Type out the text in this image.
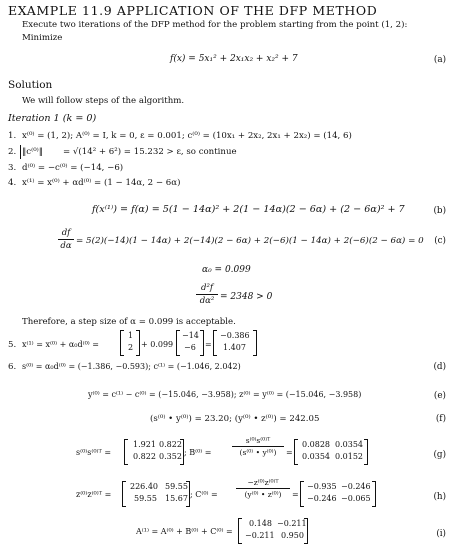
EXAMPLE 11.9 APPLICATION OF THE DFP METHOD
Execute two iterations of the DFP method for the problem starting from the point (1, 2):
Minimize
f(x) = 5x₁² + 2x₁x₂ + x₂² + 7	(a)
Solution
We will follow steps of the algorithm.
Iteration 1 (k = 0)
1. x⁽⁰⁾ = (1, 2); A⁽⁰⁾ = I, k = 0, ε = 0.001; c⁽⁰⁾ = (10x₁ + 2x₂, 2x₁ + 2x₂) = (14, 6)
2. ‖c⁽⁰⁾‖ = √(14² + 6²) = 15.232 > ε, so continue
3. d⁽⁰⁾ = −c⁽⁰⁾ = (−14, −6)
4. x⁽¹⁾ = x⁽⁰⁾ + αd⁽⁰⁾ = (1 − 14α, 2 − 6α)
f(x⁽¹⁾) = f(α) = 5(1 − 14α)² + 2(1 − 14α)(2 − 6α) + (2 − 6α)² + 7	(b)
df
dα = 5(2)(−14)(1 − 14α) + 2(−14)(2 − 6α) + 2(−6)(1 − 14α) + 2(−6)(2 − 6α) = 0 (c)
α₀ = 0.099
d²f
dα² = 2348 > 0
Therefore, a step size of α = 0.099 is acceptable.
5. x⁽¹⁾ = x⁽⁰⁾ + α₀d⁽⁰⁾ =
1
2 + 0.099
−14
−6 =
−0.386
1.407
6. s⁽⁰⁾ = α₀d⁽⁰⁾ = (−1.386, −0.593); c⁽¹⁾ = (−1.046, 2.042)	(d)
y⁽⁰⁾ = c⁽¹⁾ − c⁽⁰⁾ = (−15.046, −3.958); z⁽⁰⁾ = y⁽⁰⁾ = (−15.046, −3.958)	(e)
(s⁽⁰⁾ • y⁽⁰⁾) = 23.20; (y⁽⁰⁾ • z⁽⁰⁾) = 242.05	(f)
s⁽⁰⁾s⁽⁰⁾ᵀ =
1.921 0.822
0.822 0.352 ; B⁽⁰⁾ =
s⁽⁰⁾s⁽⁰⁾ᵀ
(s⁽⁰⁾ • y⁽⁰⁾)	=
0.0828 0.0354
0.0354 0.0152	(g)
z⁽⁰⁾z⁽⁰⁾ᵀ =
226.40 59.55
59.55 15.67 ; C⁽⁰⁾ =
−z⁽⁰⁾z⁽⁰⁾ᵀ
(y⁽⁰⁾ • z⁽⁰⁾)	=
−0.935 −0.246
−0.246 −0.065	(h)
A⁽¹⁾ = A⁽⁰⁾ + B⁽⁰⁾ + C⁽⁰⁾ =
0.148 −0.211
−0.211 0.950	(i)
